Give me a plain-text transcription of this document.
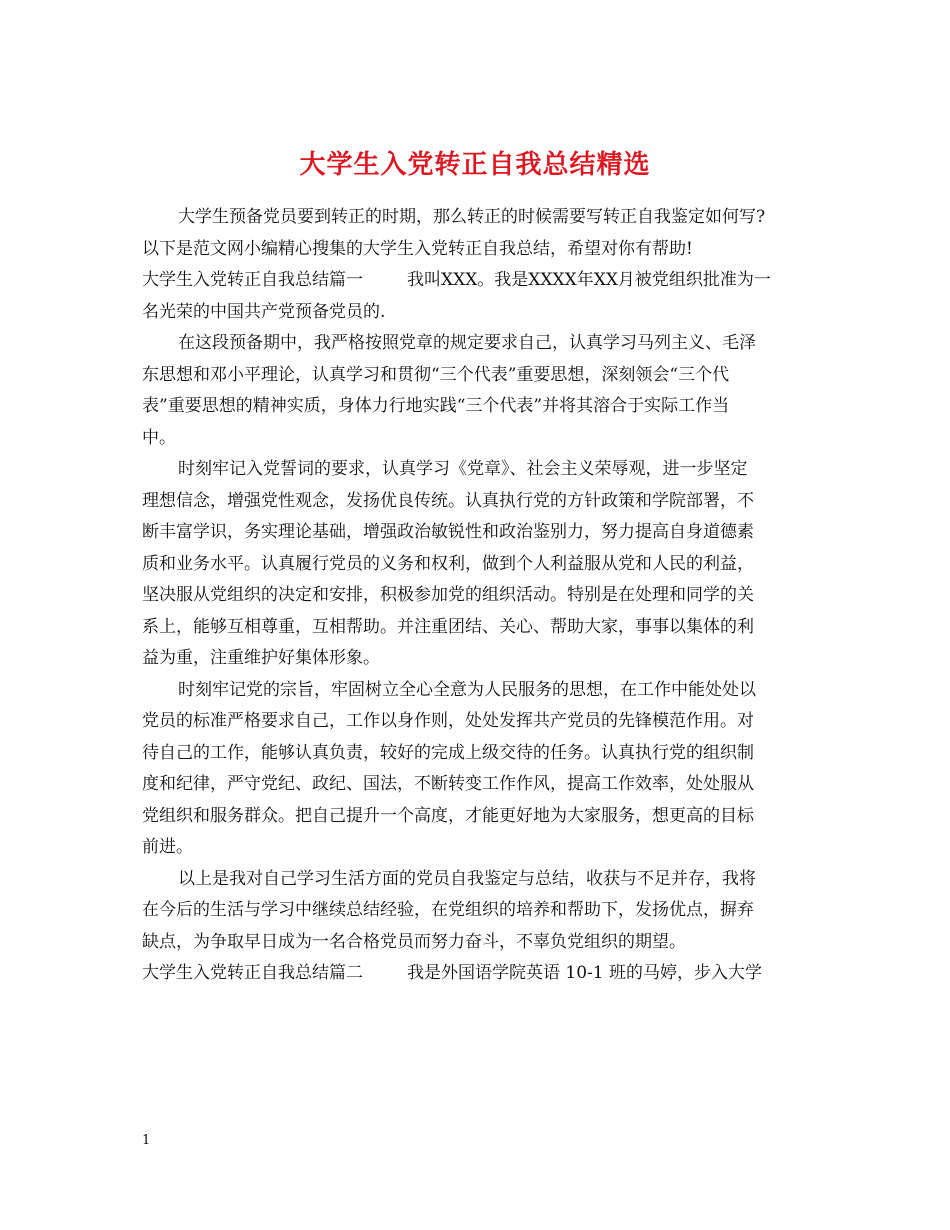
大学生入党转正自我总结精选
大学生预备党员要到转正的时期，那么转正的时候需要写转正自我鉴定如何写?
以下是范文网小编精心搜集的大学生入党转正自我总结，希望对你有帮助!
大学生入党转正自我总结篇一	我叫XXX。我是XXXX年XX月被党组织批准为一
名光荣的中国共产党预备党员的.
在这段预备期中，我严格按照党章的规定要求自己，认真学习马列主义、毛泽
东思想和邓小平理论，认真学习和贯彻“三个代表”重要思想，深刻领会“三个代
表”重要思想的精神实质，身体力行地实践“三个代表”并将其溶合于实际工作当
中。
时刻牢记入党誓词的要求，认真学习《党章》、社会主义荣辱观，进一步坚定
理想信念，增强党性观念，发扬优良传统。认真执行党的方针政策和学院部署，不
断丰富学识，务实理论基础，增强政治敏锐性和政治鉴别力，努力提高自身道德素
质和业务水平。认真履行党员的义务和权利，做到个人利益服从党和人民的利益，
坚决服从党组织的决定和安排，积极参加党的组织活动。特别是在处理和同学的关
系上，能够互相尊重，互相帮助。并注重团结、关心、帮助大家，事事以集体的利
益为重，注重维护好集体形象。
时刻牢记党的宗旨，牢固树立全心全意为人民服务的思想，在工作中能处处以
党员的标准严格要求自己，工作以身作则，处处发挥共产党员的先锋模范作用。对
待自己的工作，能够认真负责，较好的完成上级交待的任务。认真执行党的组织制
度和纪律，严守党纪、政纪、国法，不断转变工作作风，提高工作效率，处处服从
党组织和服务群众。把自己提升一个高度，才能更好地为大家服务，想更高的目标
前进。
以上是我对自己学习生活方面的党员自我鉴定与总结，收获与不足并存，我将
在今后的生活与学习中继续总结经验，在党组织的培养和帮助下，发扬优点，摒弃
缺点，为争取早日成为一名合格党员而努力奋斗，不辜负党组织的期望。
大学生入党转正自我总结篇二	我是外国语学院英语 10-1 班的马婷，步入大学
1
